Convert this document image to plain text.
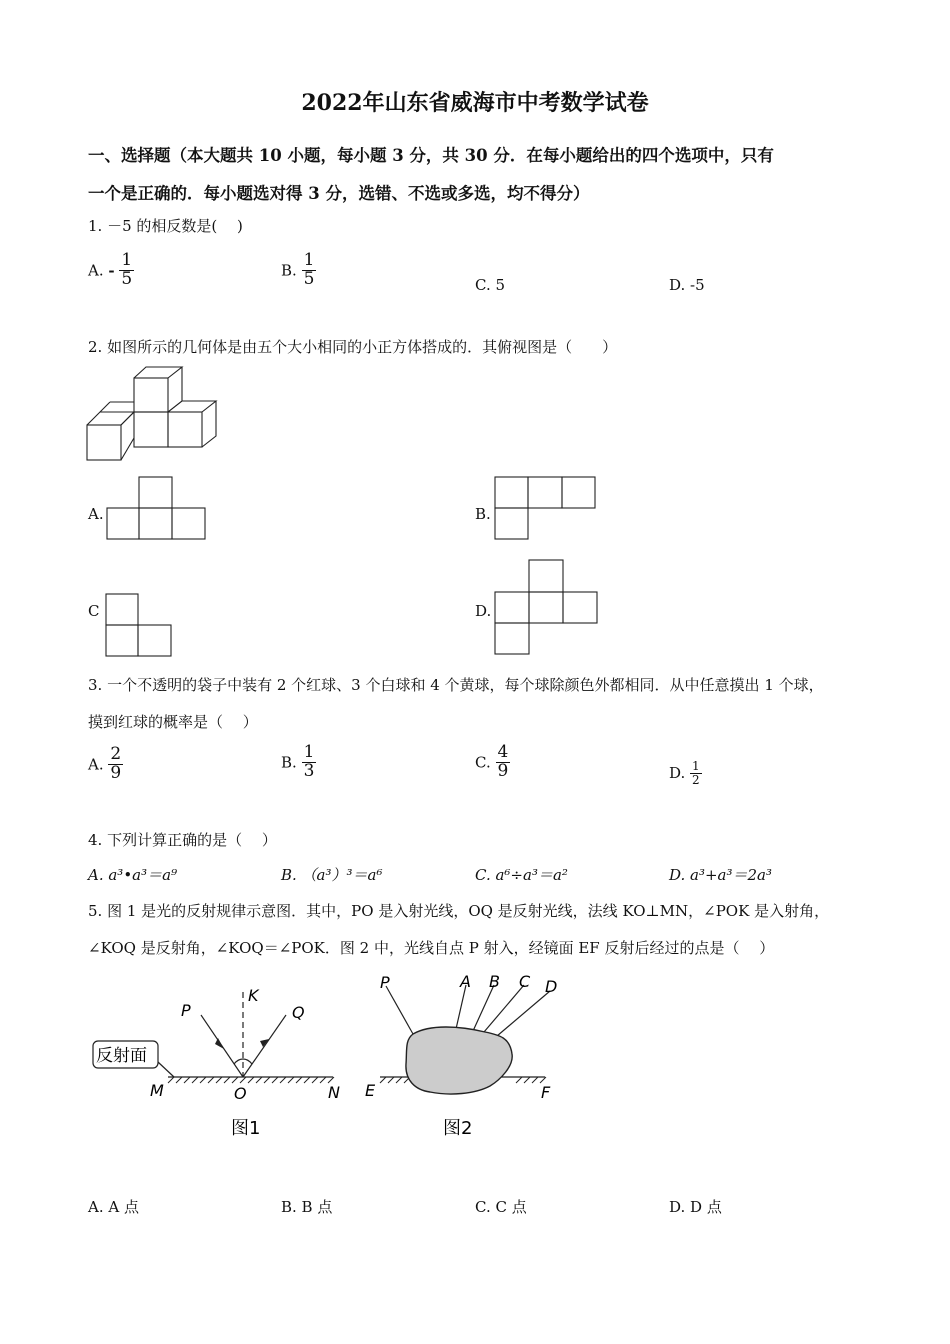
2022年山东省威海市中考数学试卷
一、选择题（本大题共 10 小题，每小题 3 分，共 30 分．在每小题给出的四个选项中，只有
一个是正确的．每小题选对得 3 分，选错、不选或多选，均不得分）
1. －5 的相反数是(　 )
A. - $\frac{1}{5}$	B. $\frac{1}{5}$	C. 5	D. -5
2. 如图所示的几何体是由五个大小相同的小正方体搭成的．其俯视图是（　　）
A.	B.
C	D.
3. 一个不透明的袋子中装有 2 个红球、3 个白球和 4 个黄球，每个球除颜色外都相同．从中任意摸出 1 个球，
摸到红球的概率是（　 ）
A. $\frac{2}{9}$	B. $\frac{1}{3}$	C. $\frac{4}{9}$	D. $\frac{1}{2}$
4. 下列计算正确的是（　 ）
A. a³•a³＝a⁹	B. （a³）³＝a⁶	C. a⁶÷a³＝a²	D. a³+a³＝2a³
5. 图 1 是光的反射规律示意图．其中，PO 是入射光线，OQ 是反射光线，法线 KO⊥MN，∠POK 是入射角，
∠KOQ 是反射角，∠KOQ＝∠POK．图 2 中，光线自点 P 射入，经镜面 EF 反射后经过的点是（　 ）
P
K
Q
M	O	N
反射面
图1
P	A B C D
E	F
图2
A. A 点	B. B 点	C. C 点	D. D 点
